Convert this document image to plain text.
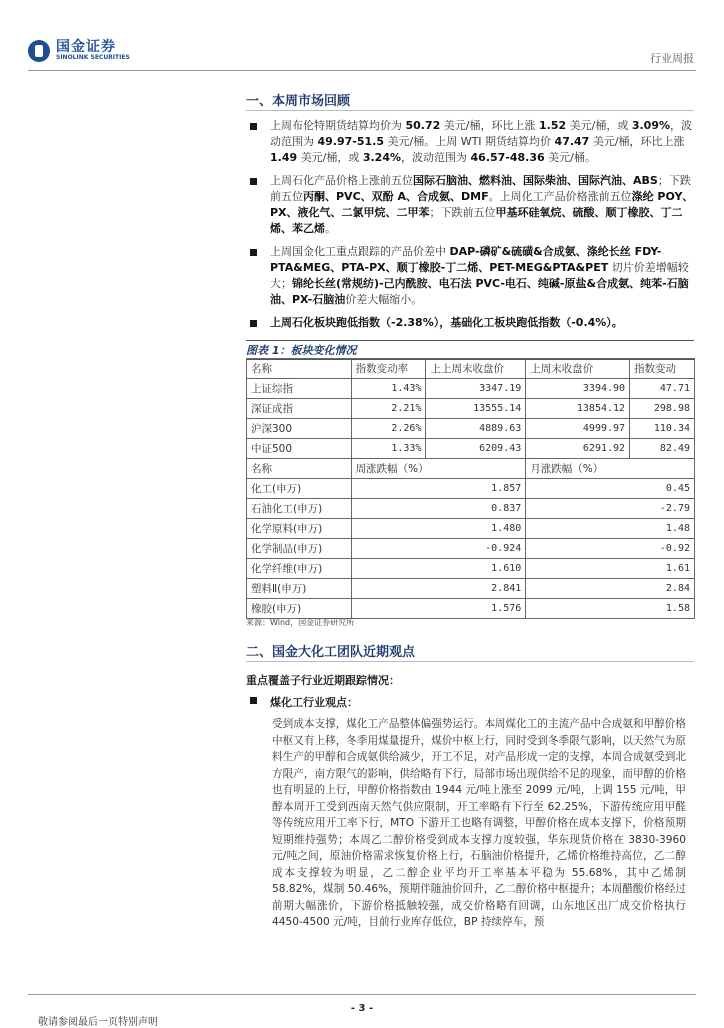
国金证券
SINOLINK SECURITIES	行业周报
一、本周市场回顾
上周布伦特期货结算均价为 50.72 美元/桶，环比上涨 1.52 美元/桶，或 3.09%，波动范围为 49.97-51.5 美元/桶。上周 WTI 期货结算均价 47.47 美元/桶，环比上涨 1.49 美元/桶，或 3.24%，波动范围为 46.57-48.36 美元/桶。
上周石化产品价格上涨前五位国际石脑油、燃料油、国际柴油、国际汽油、ABS；下跌前五位丙酮、PVC、双酚 A、合成氨、DMF。上周化工产品价格涨前五位涤纶 POY、PX、液化气、二氯甲烷、二甲苯；下跌前五位甲基环硅氧烷、硫酸、顺丁橡胶、丁二烯、苯乙烯。
上周国金化工重点跟踪的产品价差中 DAP-磷矿&硫磺&合成氨、涤纶长丝 FDY-PTA&MEG、PTA-PX、顺丁橡胶-丁二烯、PET-MEG&PTA&PET 切片价差增幅较大；锦纶长丝(常规纺)-己内酰胺、电石法 PVC-电石、纯碱-原盐&合成氨、纯苯-石脑油、PX-石脑油价差大幅缩小。
上周石化板块跑低指数（-2.38%），基础化工板块跑低指数（-0.4%）。
图表 1：板块变化情况
名称	指数变动率	上上周末收盘价	上周末收盘价	指数变动
上证综指	1.43%	3347.19	3394.90	47.71
深证成指	2.21%	13555.14	13854.12	298.98
沪深300	2.26%	4889.63	4999.97	110.34
中证500	1.33%	6209.43	6291.92	82.49
名称	周涨跌幅（%）		月涨跌幅（%）	
化工(申万)	1.857		0.45	
石油化工(申万)	0.837		-2.79	
化学原料(申万)	1.480		1.48	
化学制品(申万)	-0.924		-0.92	
化学纤维(申万)	1.610		1.61	
塑料Ⅱ(申万)	2.841		2.84	
橡胶(申万)	1.576		1.58	
来源：Wind，国金证券研究所
二、国金大化工团队近期观点
重点覆盖子行业近期跟踪情况：
煤化工行业观点：
受到成本支撑，煤化工产品整体偏强势运行。本周煤化工的主流产品中合成氨和甲醇价格中枢又有上移，冬季用煤量提升，煤价中枢上行，同时受到冬季限气影响，以天然气为原料生产的甲醇和合成氨供给减少，开工不足，对产品形成一定的支撑，本周合成氨受到北方限产，南方限气的影响，供给略有下行，局部市场出现供给不足的现象，而甲醇的价格也有明显的上行，甲醇价格指数由 1944 元/吨上涨至 2099 元/吨，上调 155 元/吨，甲醇本周开工受到西南天然气供应限制，开工率略有下行至 62.25%，下游传统应用甲醛等传统应用开工率下行，MTO 下游开工也略有调整，甲醇价格在成本支撑下，价格预期短期维持强势；本周乙二醇价格受到成本支撑力度较强，华东现货价格在 3830-3960 元/吨之间，原油价格需求恢复价格上行，石脑油价格提升，乙烯价格维持高位，乙二醇成本支撑较为明显，乙二醇企业平均开工率基本平稳为 55.68%，其中乙烯制 58.82%，煤制 50.46%，预期伴随油价回升，乙二醇价格中枢提升；本周醋酸价格经过前期大幅涨价，下游价格抵触较强，成交价格略有回调，山东地区出厂成交价格执行 4450-4500 元/吨，目前行业库存低位，BP 持续停车，预
- 3 -
敬请参阅最后一页特别声明
